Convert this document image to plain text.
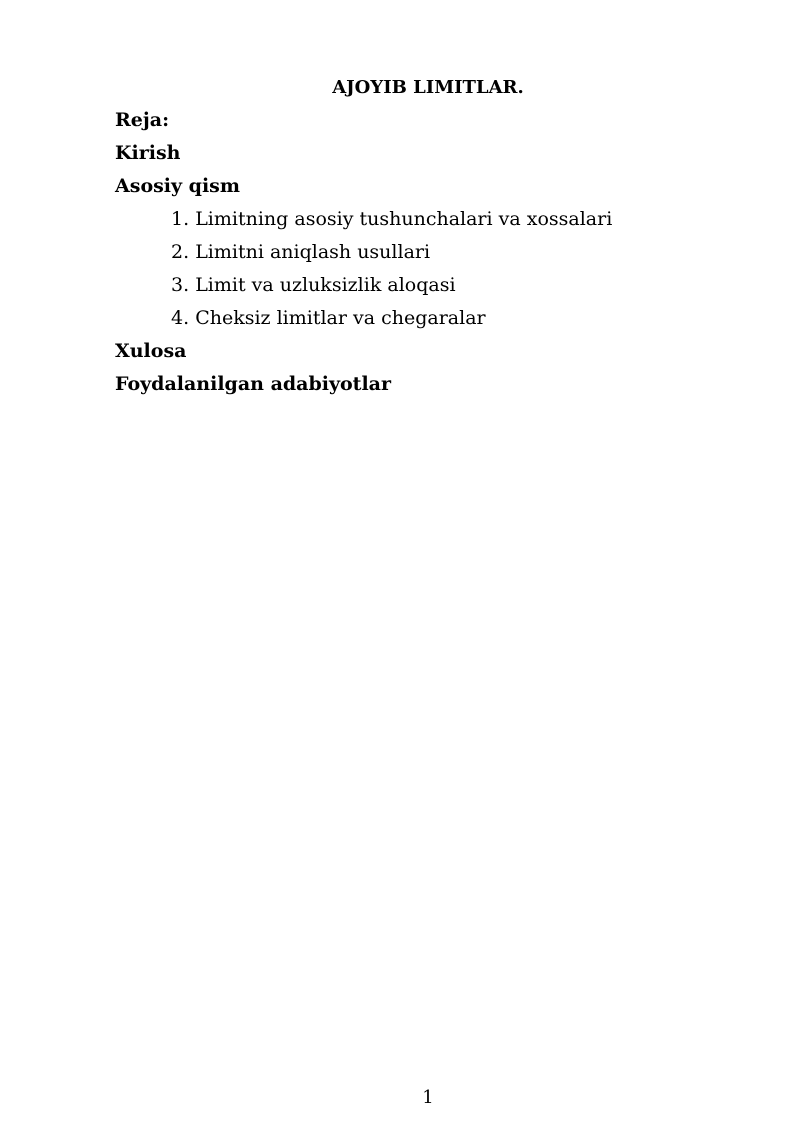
AJOYIB LIMITLAR.

Reja:

Kirish

Asosiy qism

1. Limitning asosiy tushunchalari va xossalari

2. Limitni aniqlash usullari

3. Limit va uzluksizlik aloqasi

4. Cheksiz limitlar va chegaralar

Xulosa

Foydalanilgan adabiyotlar

1
